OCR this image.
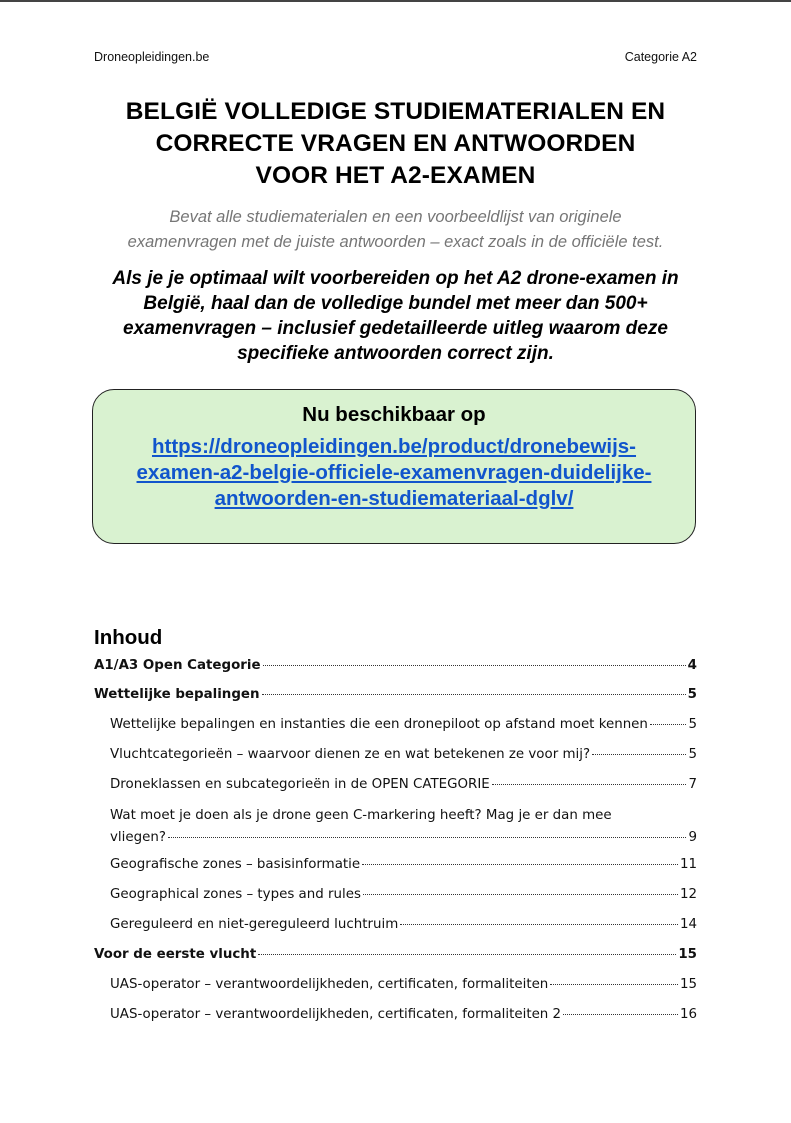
Droneopleidingen.be	Categorie A2
BELGIË VOLLEDIGE STUDIEMATERIALEN EN
CORRECTE VRAGEN EN ANTWOORDEN
VOOR HET A2-EXAMEN

Bevat alle studiematerialen en een voorbeeldlijst van originele
examenvragen met de juiste antwoorden – exact zoals in de officiële test.

Als je je optimaal wilt voorbereiden op het A2 drone-examen in
België, haal dan de volledige bundel met meer dan 500+
examenvragen – inclusief gedetailleerde uitleg waarom deze
specifieke antwoorden correct zijn.

Nu beschikbaar op
https://droneopleidingen.be/product/dronebewijs-
examen-a2-belgie-officiele-examenvragen-duidelijke-
antwoorden-en-studiemateriaal-dglv/
Inhoud
A1/A3 Open Categorie	4
Wettelijke bepalingen	5
Wettelijke bepalingen en instanties die een dronepiloot op afstand moet kennen	5
Vluchtcategorieën – waarvoor dienen ze en wat betekenen ze voor mij?	5
Droneklassen en subcategorieën in de OPEN CATEGORIE	7
Wat moet je doen als je drone geen C-markering heeft? Mag je er dan mee
vliegen?	9
Geografische zones – basisinformatie	11
Geographical zones – types and rules	12
Gereguleerd en niet-gereguleerd luchtruim	14
Voor de eerste vlucht	15
UAS-operator – verantwoordelijkheden, certificaten, formaliteiten	15
UAS-operator – verantwoordelijkheden, certificaten, formaliteiten 2	16
